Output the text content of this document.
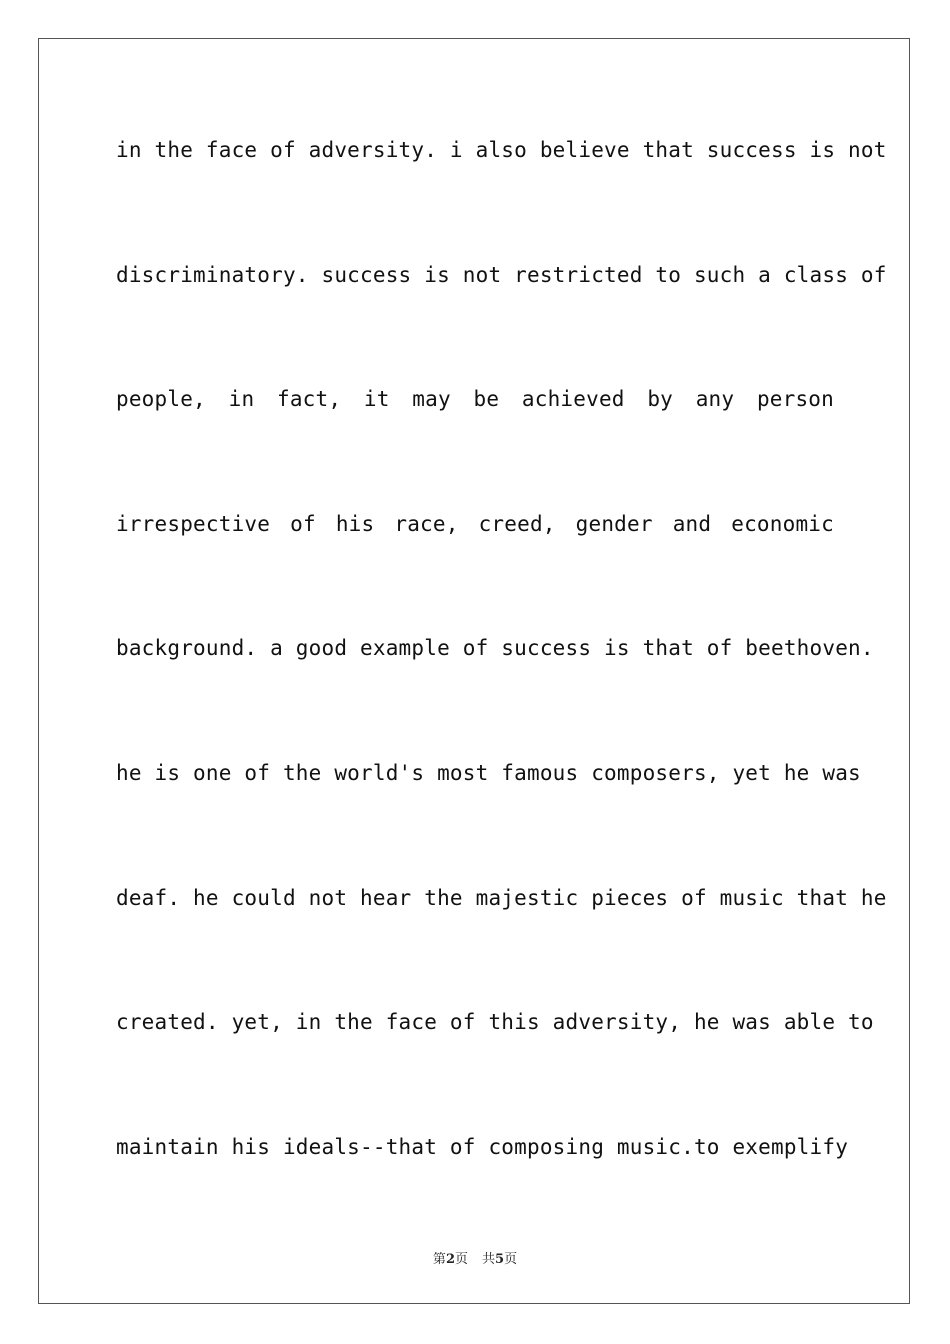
in the face of adversity. i also believe that success is not
discriminatory. success is not restricted to such a class of
people, in fact, it may be achieved by any person
irrespective of his race, creed, gender and economic
background. a good example of success is that of beethoven.
he is one of the world's most famous composers, yet he was
deaf. he could not hear the majestic pieces of music that he
created. yet, in the face of this adversity, he was able to
maintain his ideals--that of composing music.to exemplify
第2页 共5页
